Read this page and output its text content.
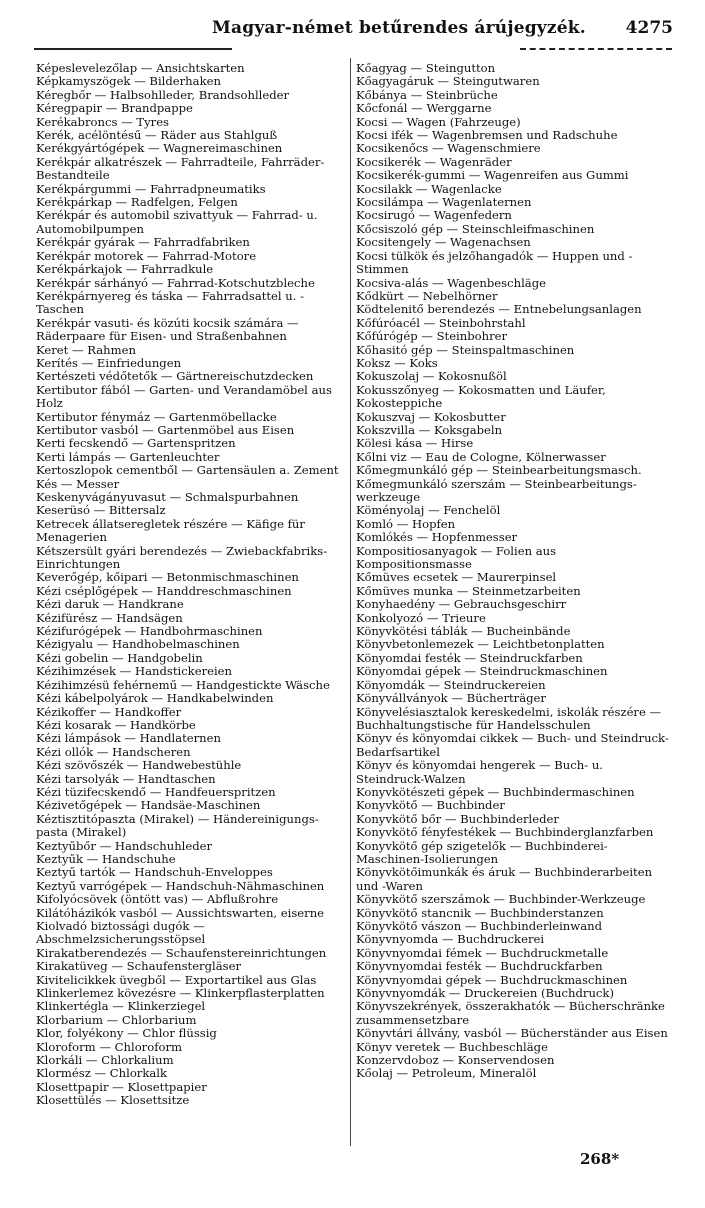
Magyar-német betűrendes árújegyzék. 4275
Képeslevelezőlap — Ansichtskarten
Képkamyszögek — Bilderhaken
Kéregbőr — Halbsohlleder, Brandsohlleder
Kéregpapir — Brandpappe
Kerékabroncs — Tyres
Kerék, acélöntésű — Räder aus Stahlguß
Kerékgyártógépek — Wagnereimaschinen
Kerékpár alkatrészek — Fahrradteile, Fahrräder-Bestandteile
Kerékpárgummi — Fahrradpneumatiks
Kerékpárkap — Radfelgen, Felgen
Kerékpár és automobil szivattyuk — Fahrrad- u. Automobilpumpen
Kerékpár gyárak — Fahrradfabriken
Kerékpár motorek — Fahrrad-Motore
Kerékpárkajok — Fahrradkule
Kerékpár sárhányó — Fahrrad-Kotschutzbleche
Kerékpárnyereg és táska — Fahrradsattel u. -Taschen
Kerékpár vasuti- és közúti kocsik számára — Räderpaare für Eisen- und Straßenbahnen
Keret — Rahmen
Kerítés — Einfriedungen
Kertészeti védőtetők — Gärtnereischutzdecken
Kertibutor fából — Garten- und Verandamöbel aus Holz
Kertibutor fénymáz — Gartenmöbellacke
Kertibutor vasból — Gartenmöbel aus Eisen
Kerti fecskendő — Gartenspritzen
Kerti lámpás — Gartenleuchter
Kertoszlopok cementből — Gartensäulen a. Zement
Kés — Messer
Keskenyvágányuvasut — Schmalspurbahnen
Keserüsó — Bittersalz
Ketrecek állatseregletek részére — Käfige für Menagerien
Kétszersült gyári berendezés — Zwiebackfabriks-Einrichtungen
Keverőgép, kőipari — Betonmischmaschinen
Kézi cséplőgépek — Handdreschmaschinen
Kézi daruk — Handkrane
Kézifürész — Handsägen
Kézifurógépek — Handbohrmaschinen
Kézigyalu — Handhobelmaschinen
Kézi gobelin — Handgobelin
Kézihimzések — Handstickereien
Kézihimzésü fehérnemű — Handgestickte Wäsche
Kézi kábelpolyárok — Handkabelwinden
Kézikoffer — Handkoffer
Kézi kosarak — Handkörbe
Kézi lámpások — Handlaternen
Kézi ollók — Handscheren
Kézi szövőszék — Handwebestühle
Kézi tarsolyák — Handtaschen
Kézi tüzifecskendő — Handfeuerspritzen
Kézivetőgépek — Handsäe-Maschinen
Kéztisztitópaszta (Mirakel) — Händereinigungs-pasta (Mirakel)
Keztyűbőr — Handschuhleder
Keztyűk — Handschuhe
Keztyű tartók — Handschuh-Enveloppes
Keztyű varrógépek — Handschuh-Nähmaschinen
Kifolyócsövek (öntött vas) — Abflußrohre
Kilátóházikók vasból — Aussichtswarten, eiserne
Kiolvadó biztossági dugók — Abschmelzsicherungsstöpsel
Kirakatberendezés — Schaufenstereinrichtungen
Kirakatüveg — Schaufenstergläser
Kivitelicikkek üvegből — Exportartikel aus Glas
Klinkerlemez kövezésre — Klinkerpflasterplatten
Klinkertégla — Klinkerziegel
Klorbarium — Chlorbarium
Klor, folyékony — Chlor flüssig
Kloroform — Chloroform
Klorkáli — Chlorkalium
Klormész — Chlorkalk
Klosettpapir — Klosettpapier
Klosettülés — Klosettsitze
Kőagyag — Steingutton
Kőagyagáruk — Steingutwaren
Kőbánya — Steinbrüche
Kőcfonál — Werggarne
Kocsi — Wagen (Fahrzeuge)
Kocsi ifék — Wagenbremsen und Radschuhe
Kocsikenőcs — Wagenschmiere
Kocsikerék — Wagenräder
Kocsikerék-gummi — Wagenreifen aus Gummi
Kocsilakk — Wagenlacke
Kocsilámpa — Wagenlaternen
Kocsirugó — Wagenfedern
Kőcsiszoló gép — Steinschleifmaschinen
Kocsitengely — Wagenachsen
Kocsi tülkök és jelzőhangadók — Huppen und -Stimmen
Kocsiva-alás — Wagenbeschläge
Kődkürt — Nebelhörner
Ködtelenitő berendezés — Entnebelungsanlagen
Kőfúróacél — Steinbohrstahl
Kőfúrógép — Steinbohrer
Kőhasitó gép — Steinspaltmaschinen
Koksz — Koks
Kokuszolaj — Kokosnußöl
Kokusszőnyeg — Kokosmatten und Läufer, Kokosteppiche
Kokuszvaj — Kokosbutter
Kokszvilla — Koksgabeln
Kölesi kása — Hirse
Kőlni viz — Eau de Cologne, Kölnerwasser
Kőmegmunkáló gép — Steinbearbeitungsmasch.
Kőmegmunkáló szerszám — Steinbearbeitungs-werkzeuge
Köményolaj — Fenchelöl
Komló — Hopfen
Komlókés — Hopfenmesser
Kompositiosanyagok — Folien aus Kompositionsmasse
Kőmüves ecsetek — Maurerpinsel
Kőmüves munka — Steinmetzarbeiten
Konyhaedény — Gebrauchsgeschirr
Konkolyozó — Trieure
Könyvkötési táblák — Bucheinbände
Könyvbetonlemezek — Leichtbetonplatten
Könyomdai festék — Steindruckfarben
Könyomdai gépek — Steindruckmaschinen
Könyomdák — Steindruckereien
Könyvállványok — Bücherträger
Könyvelésiasztalok kereskedelmi, iskolák részére — Buchhaltungstische für Handelsschulen
Könyv és könyomdai cikkek — Buch- und Steindruck-Bedarfsartikel
Könyv és könyomdai hengerek — Buch- u. Steindruck-Walzen
Konyvkötészeti gépek — Buchbindermaschinen
Konyvkötő — Buchbinder
Konyvkötő bőr — Buchbinderleder
Konyvkötő fényfestékek — Buchbinderglanzfarben
Konyvkötő gép szigetelők — Buchbinderei-Maschinen-Isolierungen
Könyvkötőimunkák és áruk — Buchbinderarbeiten und -Waren
Könyvkötő szerszámok — Buchbinder-Werkzeuge
Könyvkötő stancnik — Buchbinderstanzen
Könyvkötő vászon — Buchbinderleinwand
Könyvnyomda — Buchdruckerei
Könyvnyomdai fémek — Buchdruckmetalle
Könyvnyomdai festék — Buchdruckfarben
Könyvnyomdai gépek — Buchdruckmaschinen
Könyvnyomdák — Druckereien (Buchdruck)
Könyvszekrények, összerakhatók — Bücherschränke zusammensetzbare
Könyvtári állvány, vasból — Bücherständer aus Eisen
Könyv veretek — Buchbeschläge
Konzervdoboz — Konservendosen
Kőolaj — Petroleum, Mineralöl
268*
